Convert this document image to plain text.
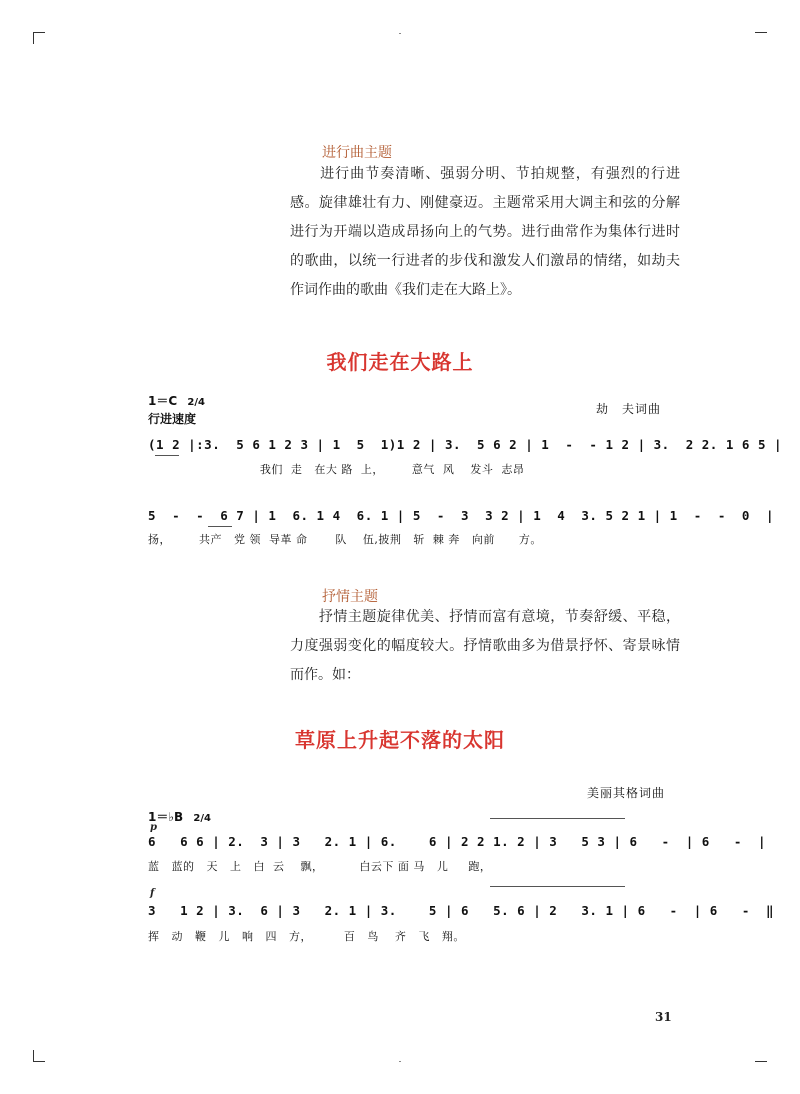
进行曲主题

　　进行曲节奏清晰、强弱分明、节拍规整，有强烈的行进感。旋律雄壮有力、刚健豪迈。主题常采用大调主和弦的分解进行为开端以造成昂扬向上的气势。进行曲常作为集体行进时的歌曲，以统一行进者的步伐和激发人们激昂的情绪，如劫夫作词作曲的歌曲《我们走在大路上》。

我们走在大路上
1＝C 2/4
行进速度
劫　夫词曲
(1 2 |:3.  5 6 1 2 3 | 1  5  1)1 2 | 3.  5 6 2 | 1  -  - 1 2 | 3.  2 2. 1 6 5 |
我们  走   在大 路  上，       意气  风    发斗  志昂
5  -  -  6 7 | 1  6. 1 4  6. 1 | 5  -  3  3 2 | 1  4  3. 5 2 1 | 1  -  -  0  |
扬，       共产   党 领  导革 命       队    伍,披荆   斩  棘 奔   向前      方。
抒情主题

　　抒情主题旋律优美、抒情而富有意境，节奏舒缓、平稳，力度强弱变化的幅度较大。抒情歌曲多为借景抒怀、寄景咏情而作。如：

草原上升起不落的太阳
美丽其格词曲
1＝♭B 2/4
p
6   6 6 | 2.  3 | 3   2. 1 | 6.    6 | 2 2 1. 2 | 3   5 3 | 6   -  | 6   -  |
蓝   蓝的   天   上   白  云    飘，         白云下 面 马   儿     跑，
f
3   1 2 | 3.  6 | 3   2. 1 | 3.    5 | 6   5. 6 | 2   3. 1 | 6   -  | 6   -  ‖
挥   动   鞭   儿   响   四   方，        百   鸟    齐   飞   翔。
31
